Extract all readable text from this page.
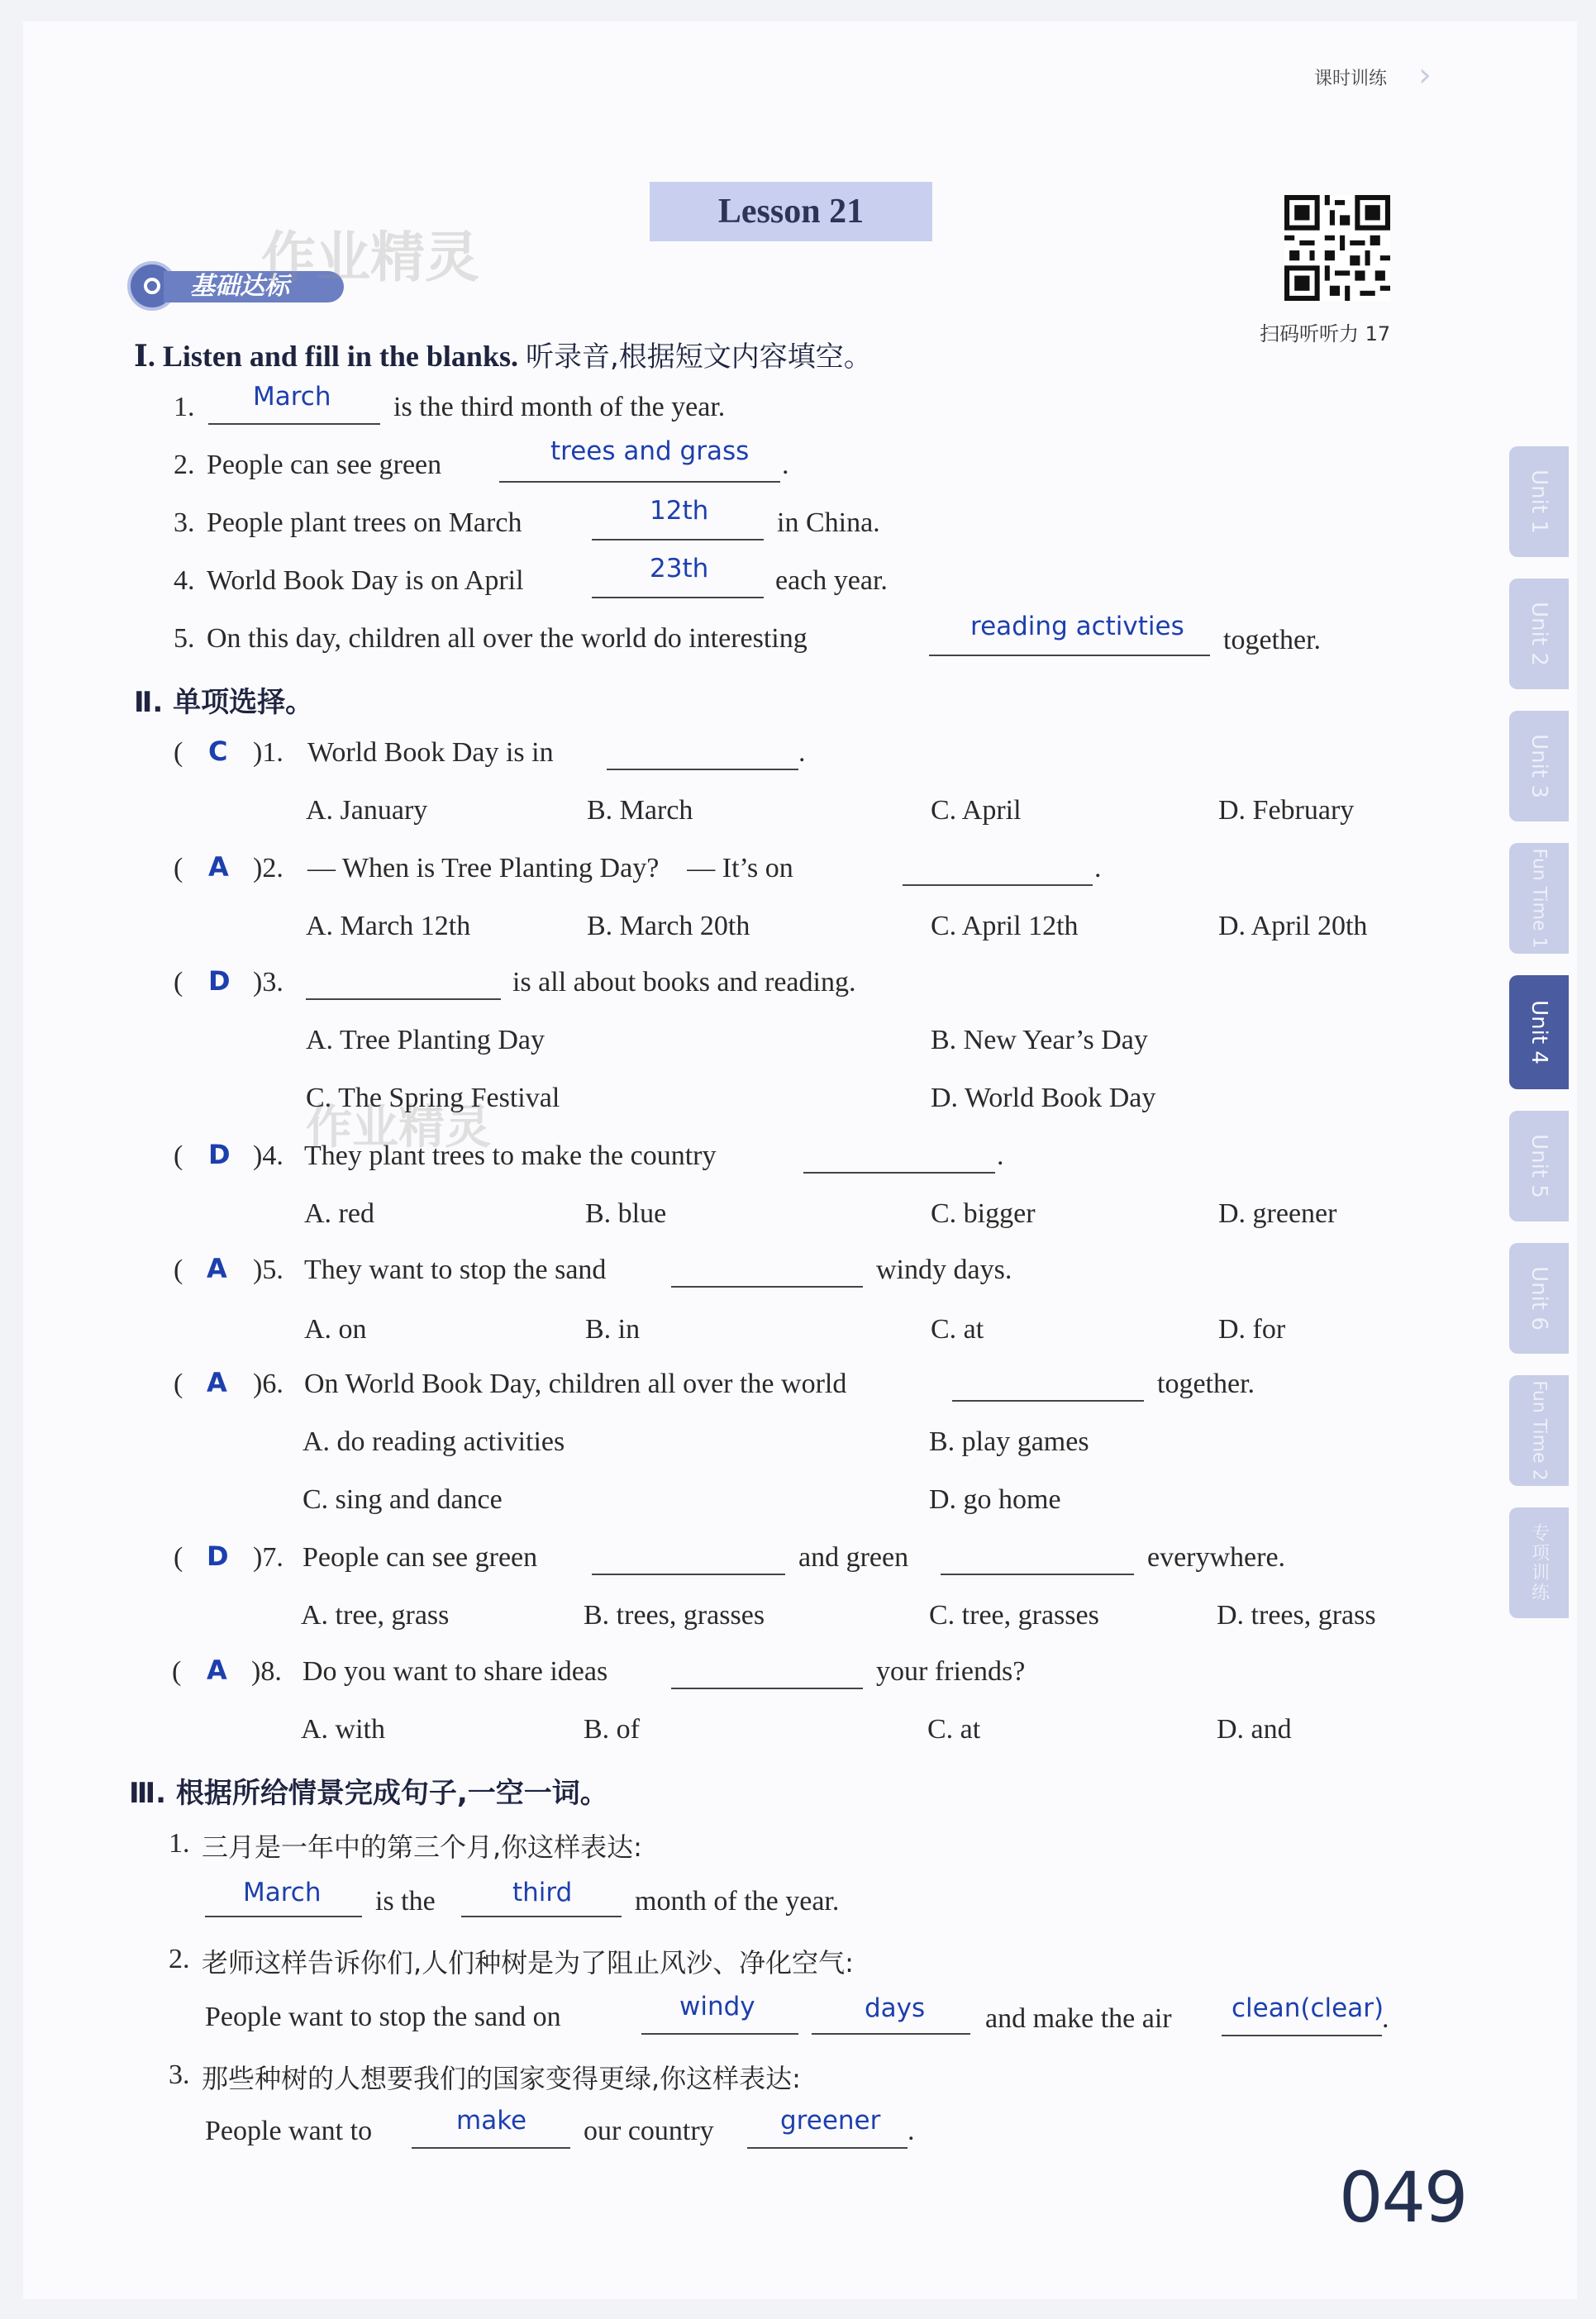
课时训练 ›
Lesson 21
扫码听听力 17
基础达标
作业精灵
作业精灵
Ⅰ. Listen and fill in the blanks. 听录音,根据短文内容填空。
1. March is the third month of the year.
2. People can see green	trees and grass .
3. People plant trees on March	12th in China.
4. World Book Day is on April	23th each year.
5. On this day, children all over the world do interesting	reading activties together.
Ⅱ. 单项选择。
( C )1. World Book Day is in	.
A. January	B. March	C. April	D. February
( A )2. — When is Tree Planting Day?    — It’s on	.
A. March 12th	B. March 20th	C. April 12th	D. April 20th
( D )3.	is all about books and reading.
A. Tree Planting Day	B. New Year’s Day
C. The Spring Festival	D. World Book Day
( D )4. They plant trees to make the country	.
A. red	B. blue	C. bigger	D. greener
( A )5. They want to stop the sand	windy days.
A. on	B. in	C. at	D. for
( A )6. On World Book Day, children all over the world	together.
A. do reading activities	B. play games
C. sing and dance	D. go home
( D )7. People can see green	and green	everywhere.
A. tree, grass	B. trees, grasses	C. tree, grasses	D. trees, grass
( A )8. Do you want to share ideas	your friends?
A. with	B. of	C. at	D. and
Ⅲ. 根据所给情景完成句子,一空一词。
1. 三月是一年中的第三个月,你这样表达:
March is the	third month of the year.
2. 老师这样告诉你们,人们种树是为了阻止风沙、净化空气:
People want to stop the sand on	windy	days and make the air clean(clear)
.
3. 那些种树的人想要我们的国家变得更绿,你这样表达:
People want to	make our country	greener .
Unit 1
Unit 2
Unit 3
Fun Time 1
Unit 4
Unit 5
Unit 6
Fun Time 2
专项训练
049
